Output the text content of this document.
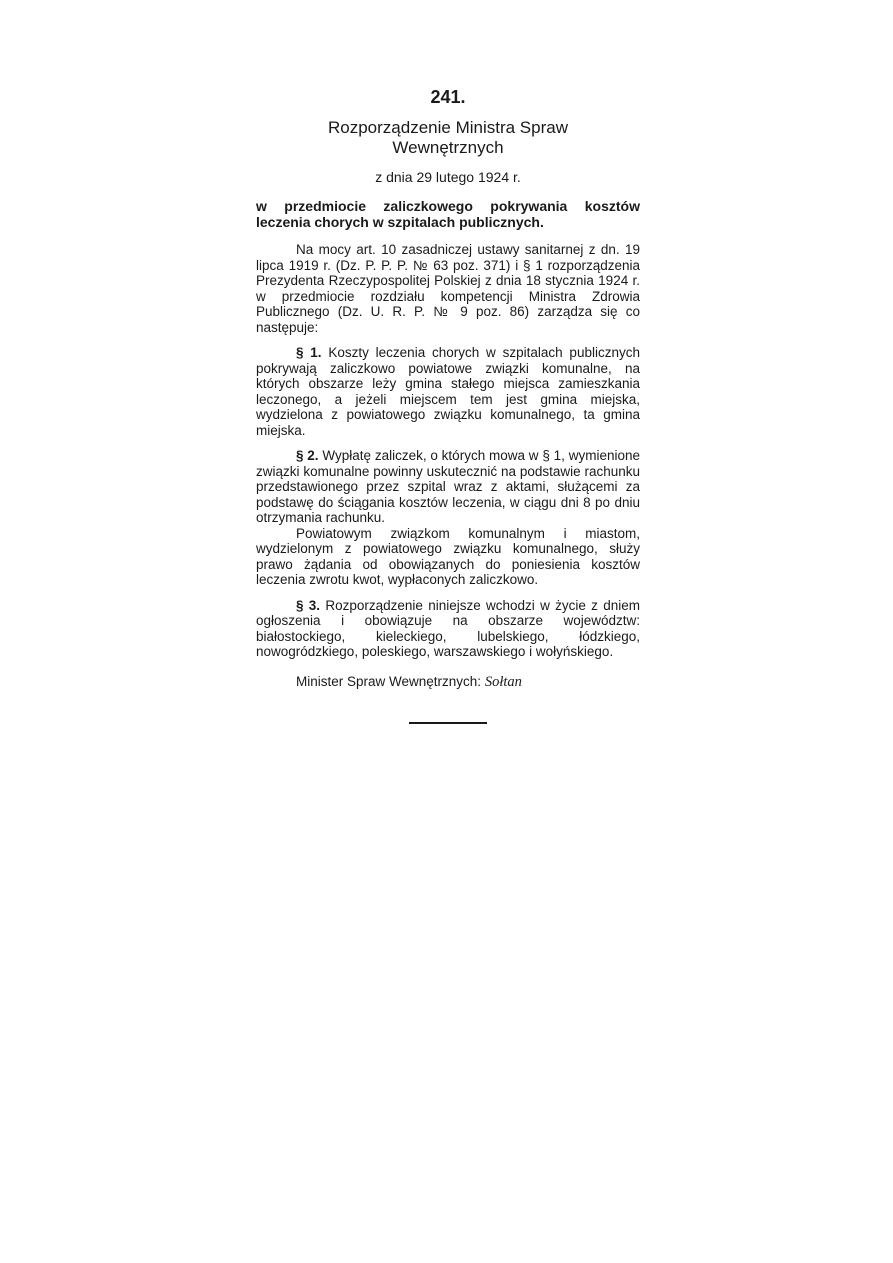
241.

Rozporządzenie Ministra Spraw
Wewnętrznych

z dnia 29 lutego 1924 r.

w przedmiocie zaliczkowego pokrywania kosztów leczenia chorych w szpitalach publicznych.

Na mocy art. 10 zasadniczej ustawy sanitarnej z dn. 19 lipca 1919 r. (Dz. P. P. P. № 63 poz. 371) i § 1 rozporządzenia Prezydenta Rzeczypospolitej Polskiej z dnia 18 stycznia 1924 r. w przedmiocie rozdziału kompetencji Ministra Zdrowia Publicznego (Dz. U. R. P. № 9 poz. 86) zarządza się co następuje:

§ 1. Koszty leczenia chorych w szpitalach publicznych pokrywają zaliczkowo powiatowe związki komunalne, na których obszarze leży gmina stałego miejsca zamieszkania leczonego, a jeżeli miejscem tem jest gmina miejska, wydzielona z powiatowego związku komunalnego, ta gmina miejska.

§ 2. Wypłatę zaliczek, o których mowa w § 1, wymienione związki komunalne powinny uskutecznić na podstawie rachunku przedstawionego przez szpital wraz z aktami, służącemi za podstawę do ściągania kosztów leczenia, w ciągu dni 8 po dniu otrzymania rachunku.

Powiatowym związkom komunalnym i miastom, wydzielonym z powiatowego związku komunalnego, służy prawo żądania od obowiązanych do poniesienia kosztów leczenia zwrotu kwot, wypłaconych zaliczkowo.

§ 3. Rozporządzenie niniejsze wchodzi w życie z dniem ogłoszenia i obowiązuje na obszarze województw: białostockiego, kieleckiego, lubelskiego, łódzkiego, nowogródzkiego, poleskiego, warszawskiego i wołyńskiego.

Minister Spraw Wewnętrznych: Sołtan
